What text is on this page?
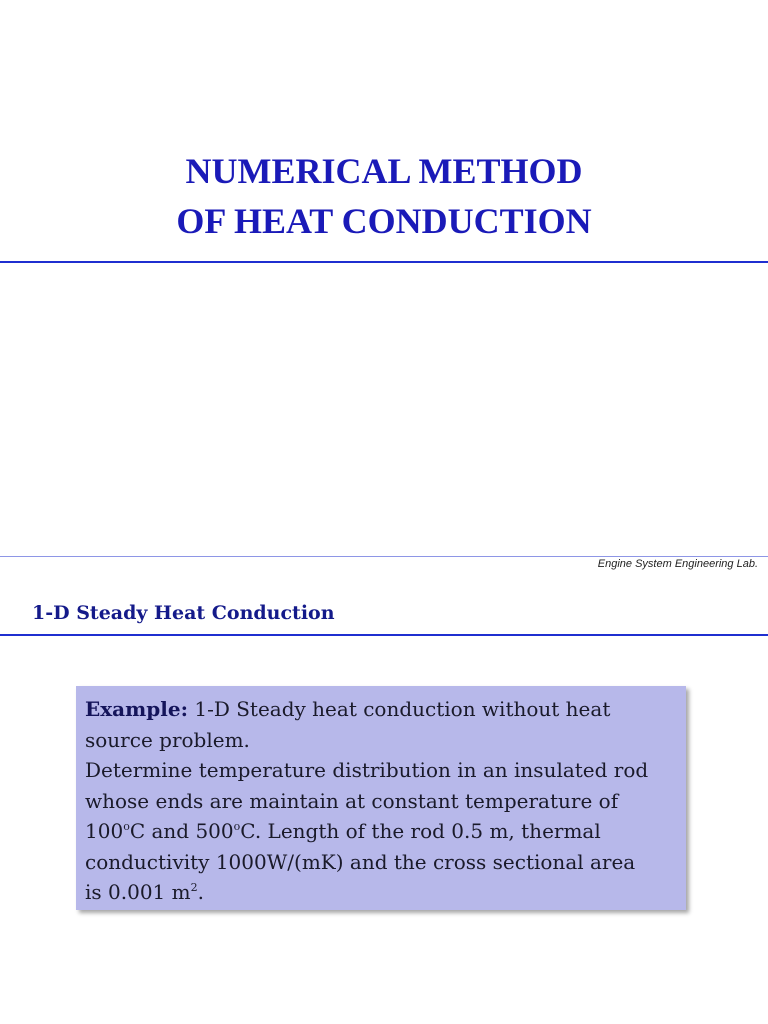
NUMERICAL METHOD
OF HEAT CONDUCTION
Engine System Engineering Lab.
1-D Steady Heat Conduction
Example: 1-D Steady heat conduction without heat
source problem.
Determine temperature distribution in an insulated rod
whose ends are maintain at constant temperature of
100$^o$C and 500$^o$C. Length of the rod 0.5 m, thermal
conductivity 1000W/(mK) and the cross sectional area
is 0.001 $m^2$.
